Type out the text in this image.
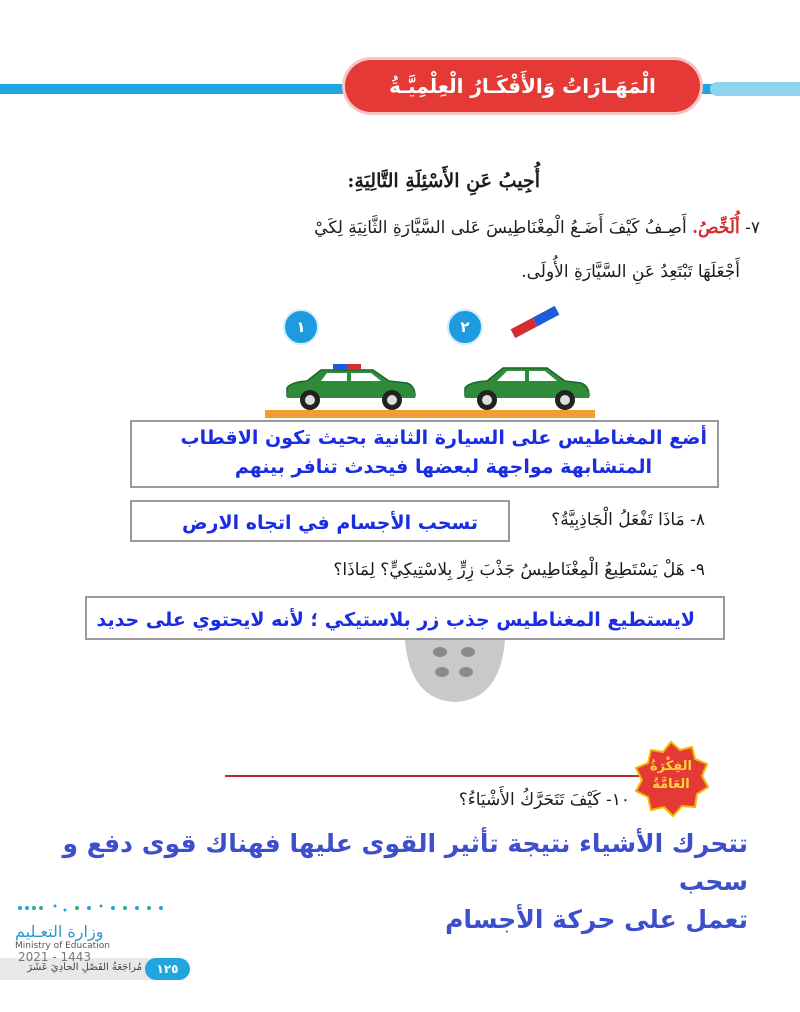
الْمَهَـارَاتُ وَالأَفْكَـارُ الْعِلْمِيَّـةُ
أُجِيبُ عَنِ الأَسْئِلَةِ التَّالِيَةِ:
٧- أُلَخِّصُ. أَصِـفُ كَيْفَ أَضَـعُ الْمِغْنَاطِيسَ عَلى السَّيَّارَةِ الثَّانِيَةِ لِكَيْ
أَجْعَلَهَا تَبْتَعِدُ عَنِ السَّيَّارَةِ الأُولَى.
١	٢
أضع المغناطيس على السيارة الثانية بحيث تكون الاقطاب
المتشابهة مواجهة لبعضها فيحدث تنافر بينهم
٨- مَاذَا تَفْعَلُ الْجَاذِبِيَّةُ؟
تسحب الأجسام في اتجاه الارض
٩- هَلْ يَسْتَطِيعُ الْمِغْنَاطِيسُ جَذْبَ زِرٍّ بِلاسْتِيكِيٍّ؟ لِمَاذَا؟
لايستطيع المغناطيس جذب زر بلاستيكي ؛ لأنه لايحتوي على حديد
الفِكْرَةُ
العَامَّةُ
١٠- كَيْفَ تَتَحَرَّكُ الأَشْيَاءُ؟
تتحرك الأشياء نتيجة تأثير القوى عليها فهناك قوى دفع و سحب
تعمل على حركة الأجسام
وزارة التعـليم
Ministry of Education
2021 - 1443
مُراجَعَةُ الفَصْلِ الحادِيَ عَشَرَ ١٢٥
